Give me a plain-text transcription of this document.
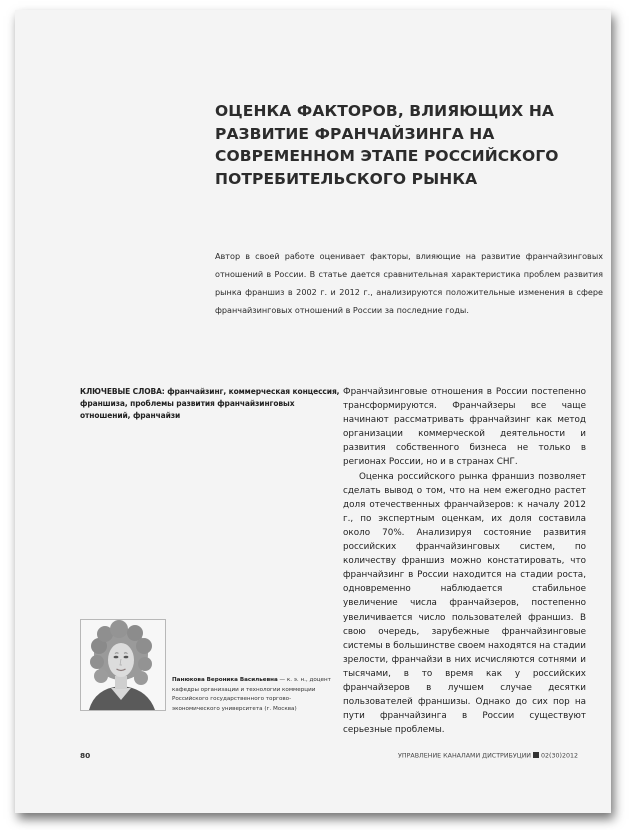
ОЦЕНКА ФАКТОРОВ, ВЛИЯЮЩИХ НА РАЗВИТИЕ ФРАНЧАЙЗИНГА НА СОВРЕМЕННОМ ЭТАПЕ РОССИЙСКОГО ПОТРЕБИТЕЛЬСКОГО РЫНКА
Автор в своей работе оценивает факторы, влияющие на развитие франчайзинговых отношений в России. В статье дается сравнительная характеристика проблем развития рынка франшиз в 2002 г. и 2012 г., анализируются положительные изменения в сфере франчайзинговых отношений в России за последние годы.
КЛЮЧЕВЫЕ СЛОВА: франчайзинг, коммерческая концессия, франшиза, проблемы развития франчайзинговых отношений, франчайзи

Франчайзинговые отношения в России постепенно трансформируются. Франчайзеры все чаще начинают рассматривать франчайзинг как метод организации коммерческой деятельности и развития собственного бизнеса не только в регионах России, но и в странах СНГ.

Оценка российского рынка франшиз позволяет сделать вывод о том, что на нем ежегодно растет доля отечественных франчайзеров: к началу 2012 г., по экспертным оценкам, их доля составила около 70%. Анализируя состояние развития российских франчайзинговых систем, по количеству франшиз можно констатировать, что франчайзинг в России находится на стадии роста, одновременно наблюдается стабильное увеличение числа франчайзеров, постепенно увеличивается число пользователей франшиз. В свою очередь, зарубежные франчайзинговые системы в большинстве своем находятся на стадии зрелости, франчайзи в них исчисляются сотнями и тысячами, в то время как у российских франчайзеров в лучшем случае десятки пользователей франшизы. Однако до сих пор на пути франчайзинга в России существуют серьезные проблемы.

Панюкова Вероника Васильевна — к. э. н., доцент кафедры организации и технологии коммерции Российского государственного торгово-экономического университета (г. Москва)
80	УПРАВЛЕНИЕ КАНАЛАМИ ДИСТРИБУЦИИ 02(30)2012
